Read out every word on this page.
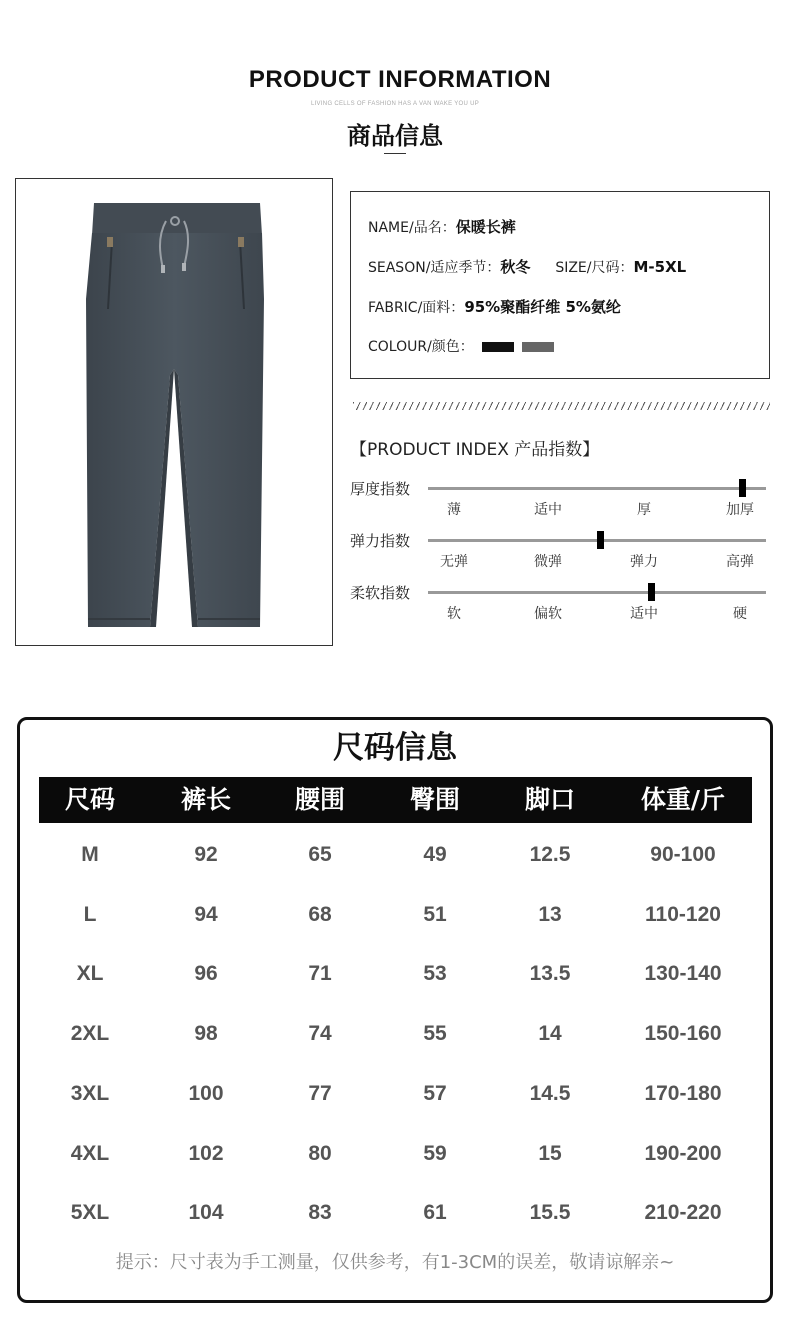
PRODUCT INFORMATION
LIVING CELLS OF FASHION HAS A VAN WAKE YOU UP
商品信息
NAME/品名：保暖长裤
SEASON/适应季节：秋冬 SIZE/尺码：M-5XL
FABRIC/面料：95%聚酯纤维 5%氨纶
COLOUR/颜色：
【PRODUCT INDEX 产品指数】
厚度指数
薄	适中	厚	加厚
弹力指数
无弹	微弹	弹力	高弹
柔软指数
软	偏软	适中	硬
尺码信息
尺码	裤长	腰围	臀围	脚口	体重/斤
M	92	65	49	12.5	90-100
L	94	68	51	13	110-120
XL	96	71	53	13.5	130-140
2XL	98	74	55	14	150-160
3XL	100	77	57	14.5	170-180
4XL	102	80	59	15	190-200
5XL	104	83	61	15.5	210-220
提示：尺寸表为手工测量，仅供参考，有1-3CM的误差，敬请谅解亲~
